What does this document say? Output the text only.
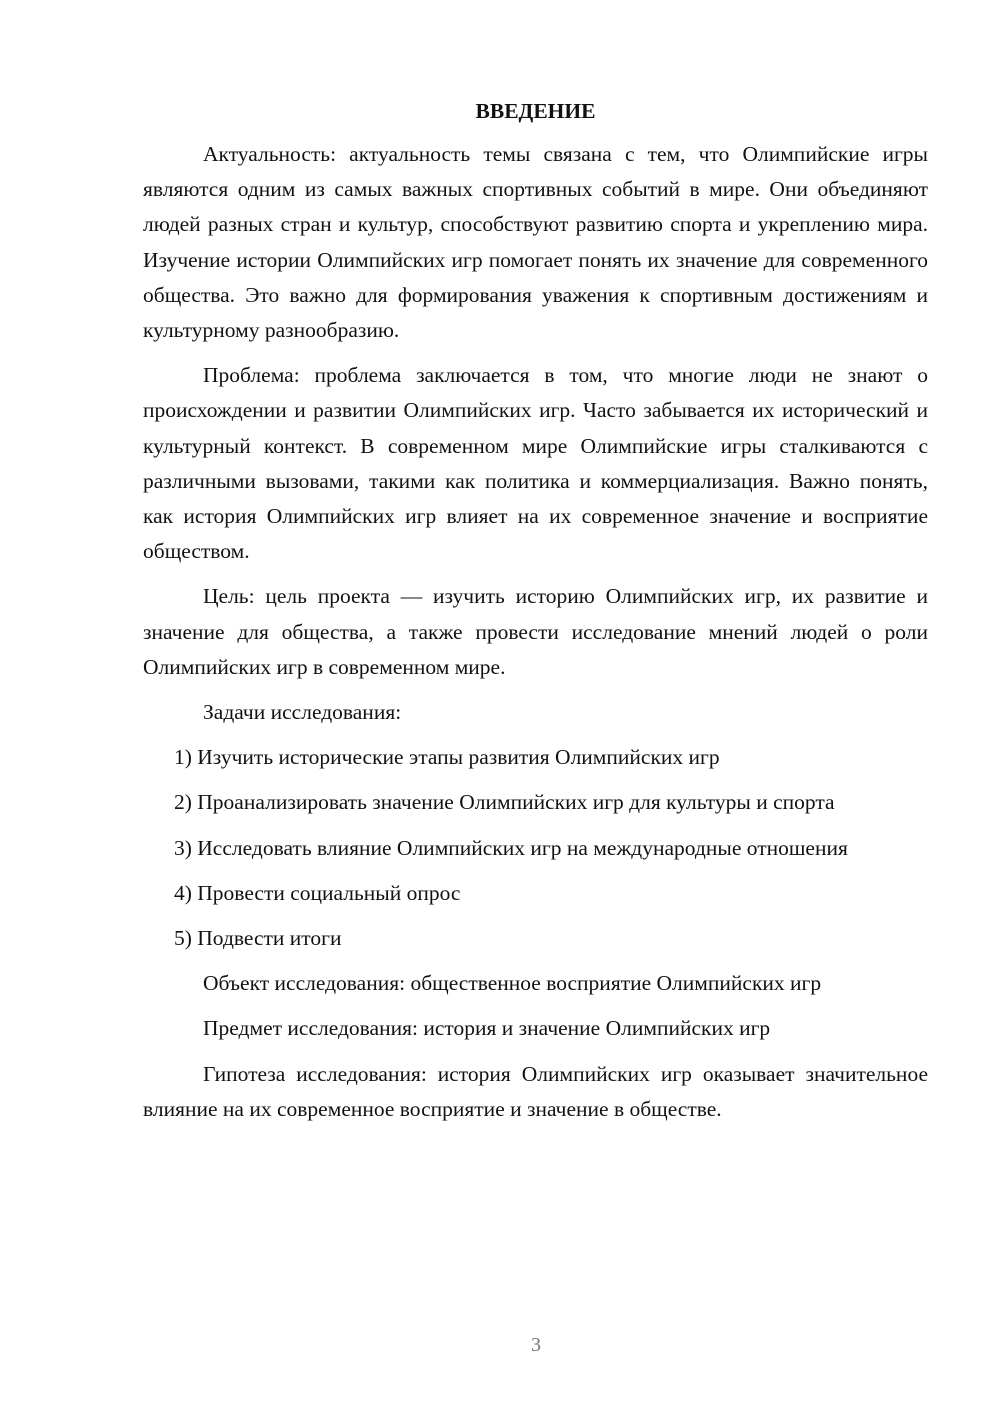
ВВЕДЕНИЕ

Актуальность: актуальность темы связана с тем, что Олимпийские игры являются одним из самых важных спортивных событий в мире. Они объединяют людей разных стран и культур, способствуют развитию спорта и укреплению мира. Изучение истории Олимпийских игр помогает понять их значение для современного общества. Это важно для формирования уважения к спортивным достижениям и культурному разнообразию.

Проблема: проблема заключается в том, что многие люди не знают о происхождении и развитии Олимпийских игр. Часто забывается их исторический и культурный контекст. В современном мире Олимпийские игры сталкиваются с различными вызовами, такими как политика и коммерциализация. Важно понять, как история Олимпийских игр влияет на их современное значение и восприятие обществом.

Цель: цель проекта — изучить историю Олимпийских игр, их развитие и значение для общества, а также провести исследование мнений людей о роли Олимпийских игр в современном мире.

Задачи исследования:

1) Изучить исторические этапы развития Олимпийских игр

2) Проанализировать значение Олимпийских игр для культуры и спорта

3) Исследовать влияние Олимпийских игр на международные отношения

4) Провести социальный опрос

5) Подвести итоги

Объект исследования: общественное восприятие Олимпийских игр

Предмет исследования: история и значение Олимпийских игр

Гипотеза исследования: история Олимпийских игр оказывает значительное влияние на их современное восприятие и значение в обществе.

3
